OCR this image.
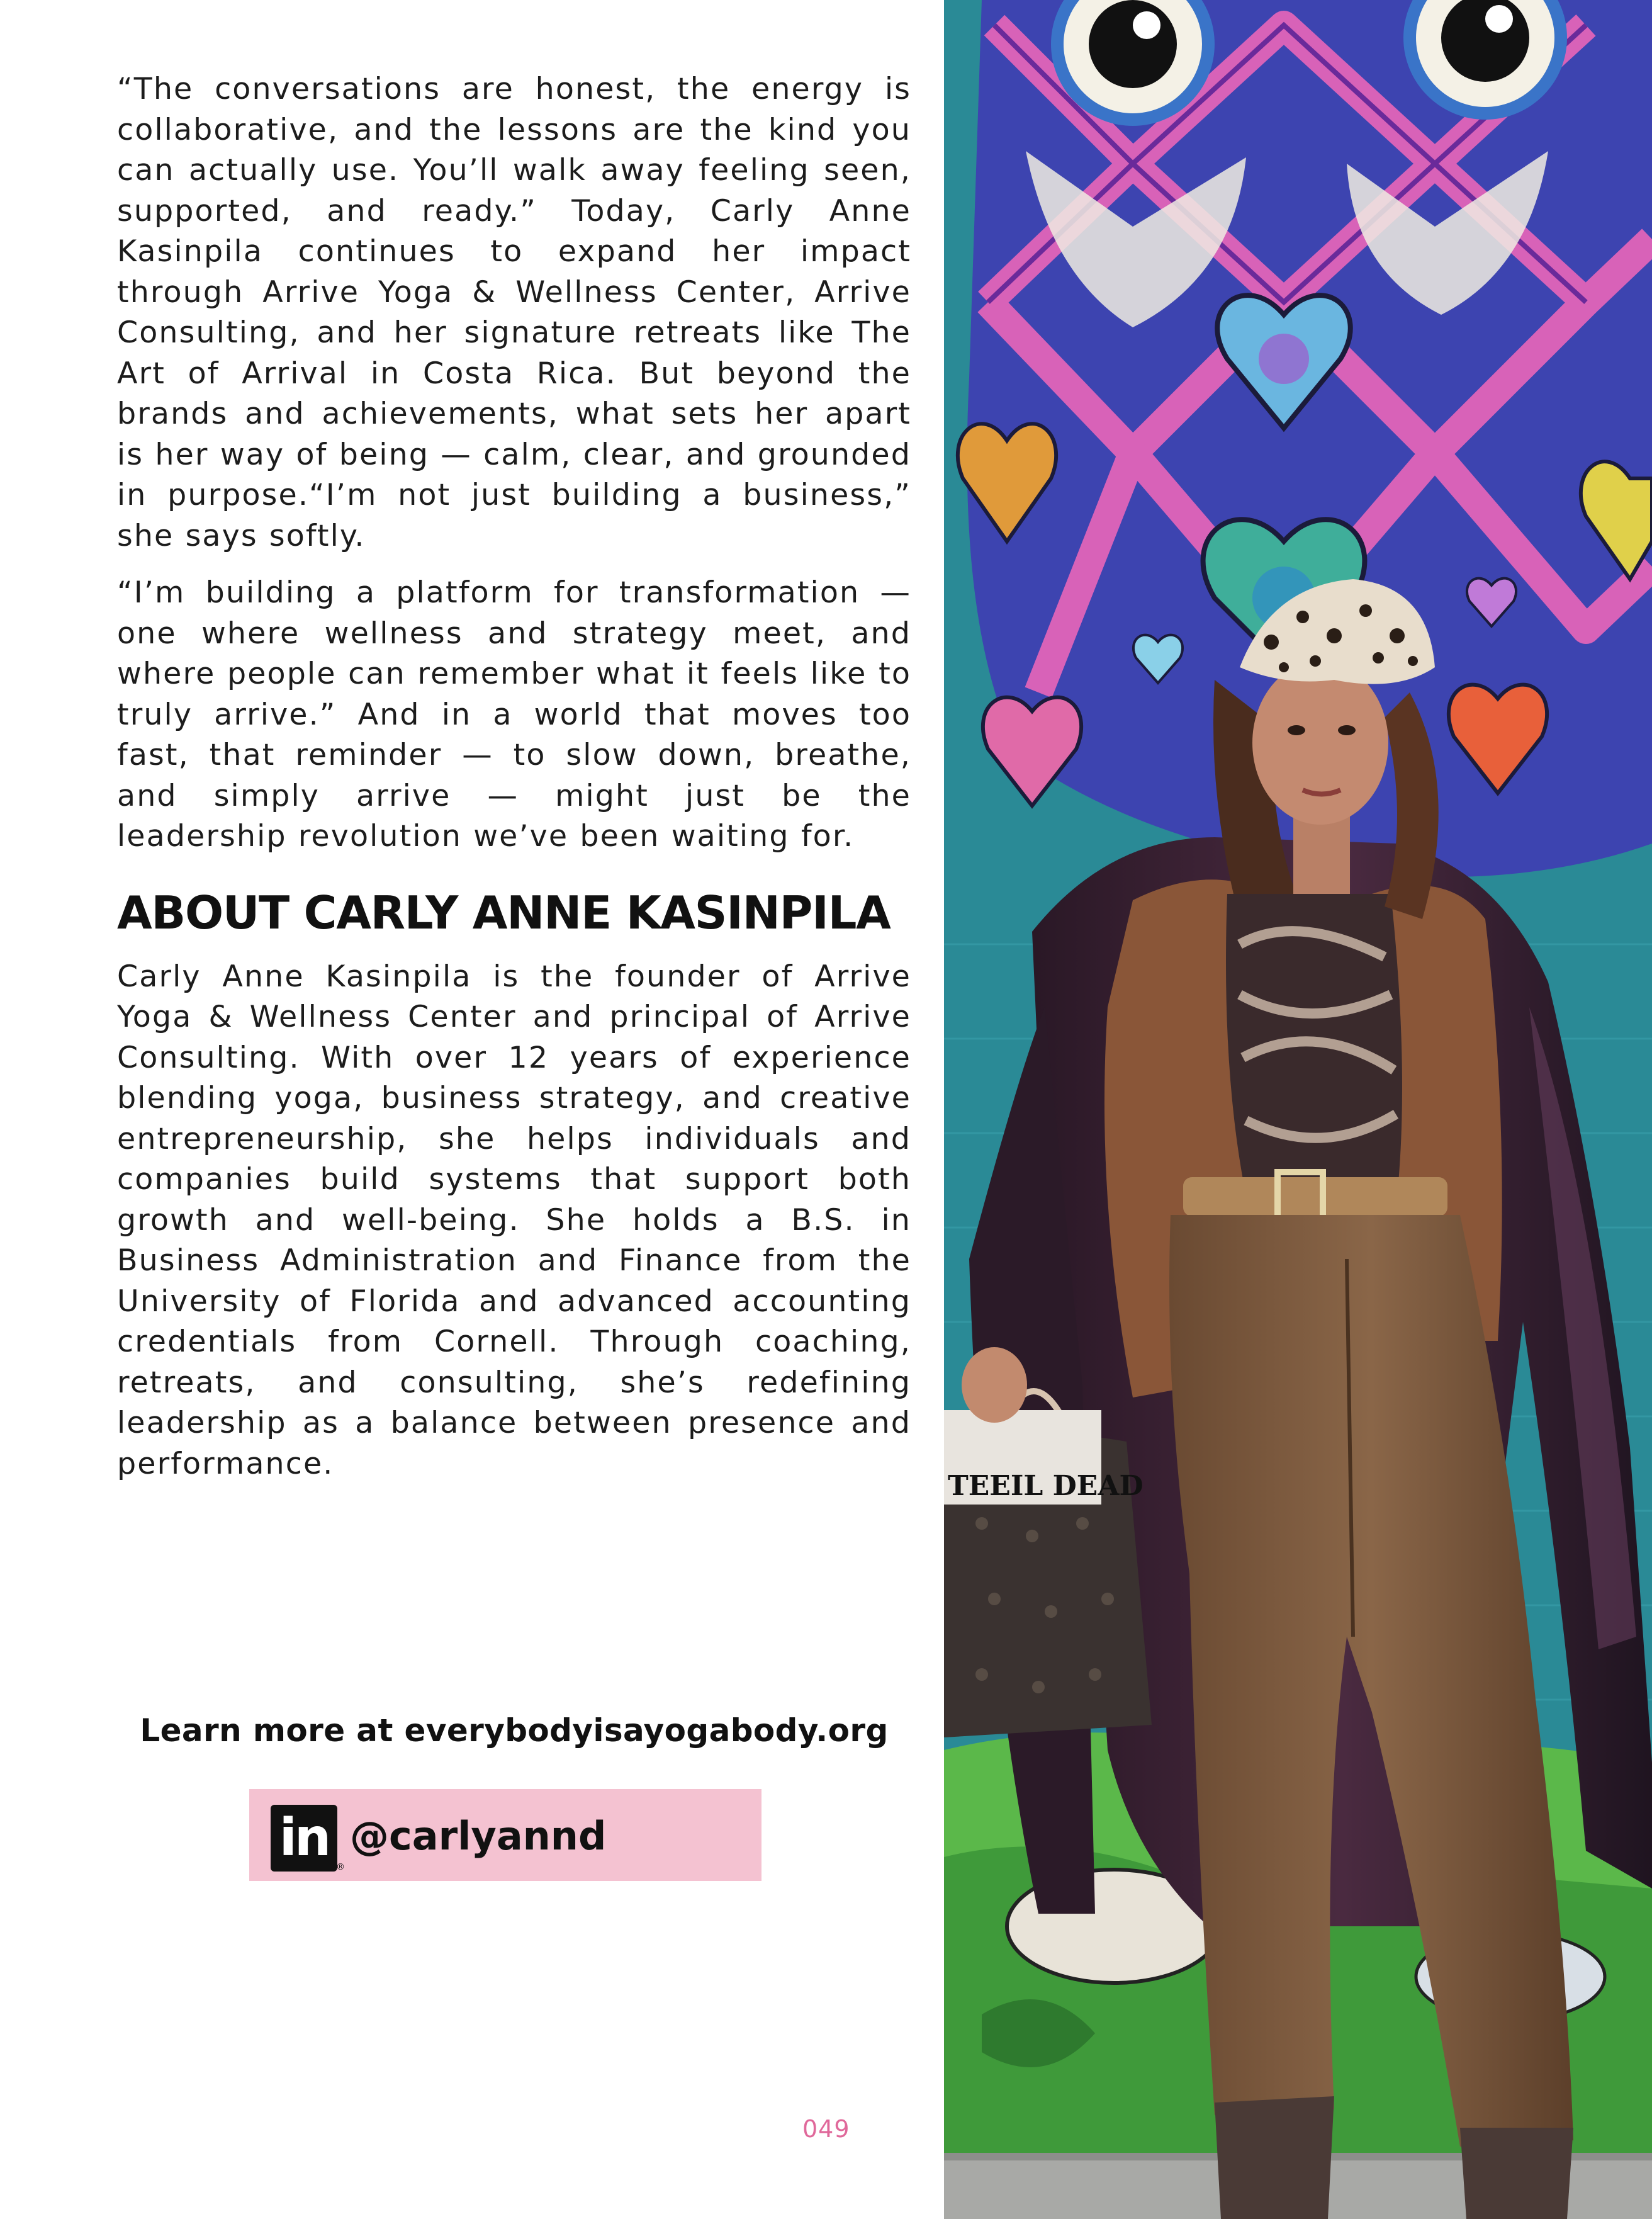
“The conversations are honest, the energy is collaborative, and the lessons are the kind you can actually use. You’ll walk away feeling seen, supported, and ready.” Today, Carly Anne Kasinpila continues to expand her impact through Arrive Yoga & Wellness Center, Arrive Consulting, and her signature retreats like The Art of Arrival in Costa Rica. But beyond the brands and achievements, what sets her apart is her way of being — calm, clear, and grounded in purpose.“I’m not just building a business,” she says softly.

“I’m building a platform for transformation — one where wellness and strategy meet, and where people can remember what it feels like to truly arrive.” And in a world that moves too fast, that reminder — to slow down, breathe, and simply arrive — might just be the leadership revolution we’ve been waiting for.

ABOUT CARLY ANNE KASINPILA

Carly Anne Kasinpila is the founder of Arrive Yoga & Wellness Center and principal of Arrive Consulting. With over 12 years of experience blending yoga, business strategy, and creative entrepreneurship, she helps individuals and companies build systems that support both growth and well-being. She holds a B.S. in Business Administration and Finance from the University of Florida and advanced accounting credentials from Cornell. Through coaching, retreats, and consulting, she’s redefining leadership as a balance between presence and performance.

Learn more at everybodyisayogabody.org
in ®
@carlyannd
049
TEEIL DEAD
